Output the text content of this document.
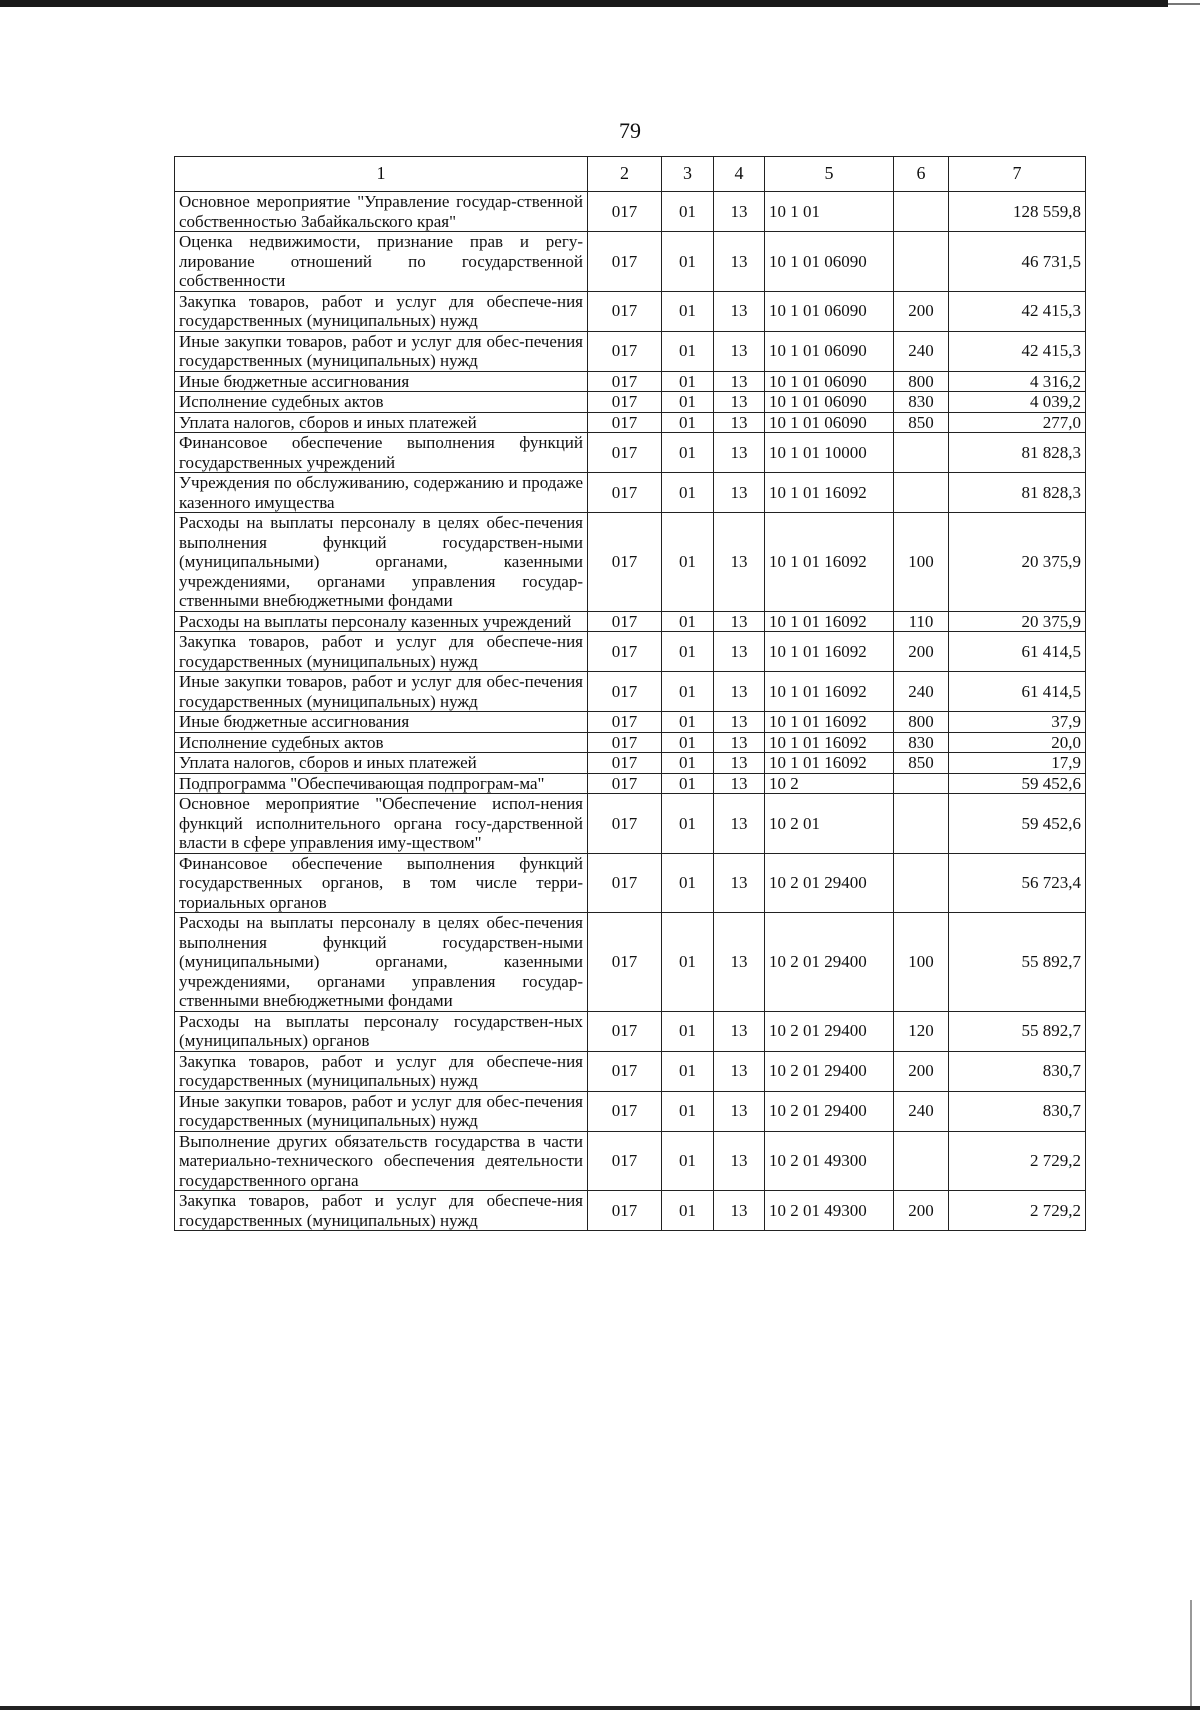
79
1	2	3	4	5	6	7
Основное мероприятие "Управление государ-ственной собственностью Забайкальского края"	017	01	13	10 1 01		128 559,8
Оценка недвижимости, признание прав и регу-лирование отношений по государственной собственности	017	01	13	10 1 01 06090		46 731,5
Закупка товаров, работ и услуг для обеспече-ния государственных (муниципальных) нужд	017	01	13	10 1 01 06090	200	42 415,3
Иные закупки товаров, работ и услуг для обес-печения государственных (муниципальных) нужд	017	01	13	10 1 01 06090	240	42 415,3
Иные бюджетные ассигнования	017	01	13	10 1 01 06090	800	4 316,2
Исполнение судебных актов	017	01	13	10 1 01 06090	830	4 039,2
Уплата налогов, сборов и иных платежей	017	01	13	10 1 01 06090	850	277,0
Финансовое обеспечение выполнения функций государственных учреждений	017	01	13	10 1 01 10000		81 828,3
Учреждения по обслуживанию, содержанию и продаже казенного имущества	017	01	13	10 1 01 16092		81 828,3
Расходы на выплаты персоналу в целях обес-печения выполнения функций государствен-ными (муниципальными) органами, казенными учреждениями, органами управления государ-ственными внебюджетными фондами	017	01	13	10 1 01 16092	100	20 375,9
Расходы на выплаты персоналу казенных учреждений	017	01	13	10 1 01 16092	110	20 375,9
Закупка товаров, работ и услуг для обеспече-ния государственных (муниципальных) нужд	017	01	13	10 1 01 16092	200	61 414,5
Иные закупки товаров, работ и услуг для обес-печения государственных (муниципальных) нужд	017	01	13	10 1 01 16092	240	61 414,5
Иные бюджетные ассигнования	017	01	13	10 1 01 16092	800	37,9
Исполнение судебных актов	017	01	13	10 1 01 16092	830	20,0
Уплата налогов, сборов и иных платежей	017	01	13	10 1 01 16092	850	17,9
Подпрограмма "Обеспечивающая подпрограм-ма"	017	01	13	10 2		59 452,6
Основное мероприятие "Обеспечение испол-нения функций исполнительного органа госу-дарственной власти в сфере управления иму-ществом"	017	01	13	10 2 01		59 452,6
Финансовое обеспечение выполнения функций государственных органов, в том числе терри-ториальных органов	017	01	13	10 2 01 29400		56 723,4
Расходы на выплаты персоналу в целях обес-печения выполнения функций государствен-ными (муниципальными) органами, казенными учреждениями, органами управления государ-ственными внебюджетными фондами	017	01	13	10 2 01 29400	100	55 892,7
Расходы на выплаты персоналу государствен-ных (муниципальных) органов	017	01	13	10 2 01 29400	120	55 892,7
Закупка товаров, работ и услуг для обеспече-ния государственных (муниципальных) нужд	017	01	13	10 2 01 29400	200	830,7
Иные закупки товаров, работ и услуг для обес-печения государственных (муниципальных) нужд	017	01	13	10 2 01 29400	240	830,7
Выполнение других обязательств государства в части материально-технического обеспечения деятельности государственного органа	017	01	13	10 2 01 49300		2 729,2
Закупка товаров, работ и услуг для обеспече-ния государственных (муниципальных) нужд	017	01	13	10 2 01 49300	200	2 729,2
